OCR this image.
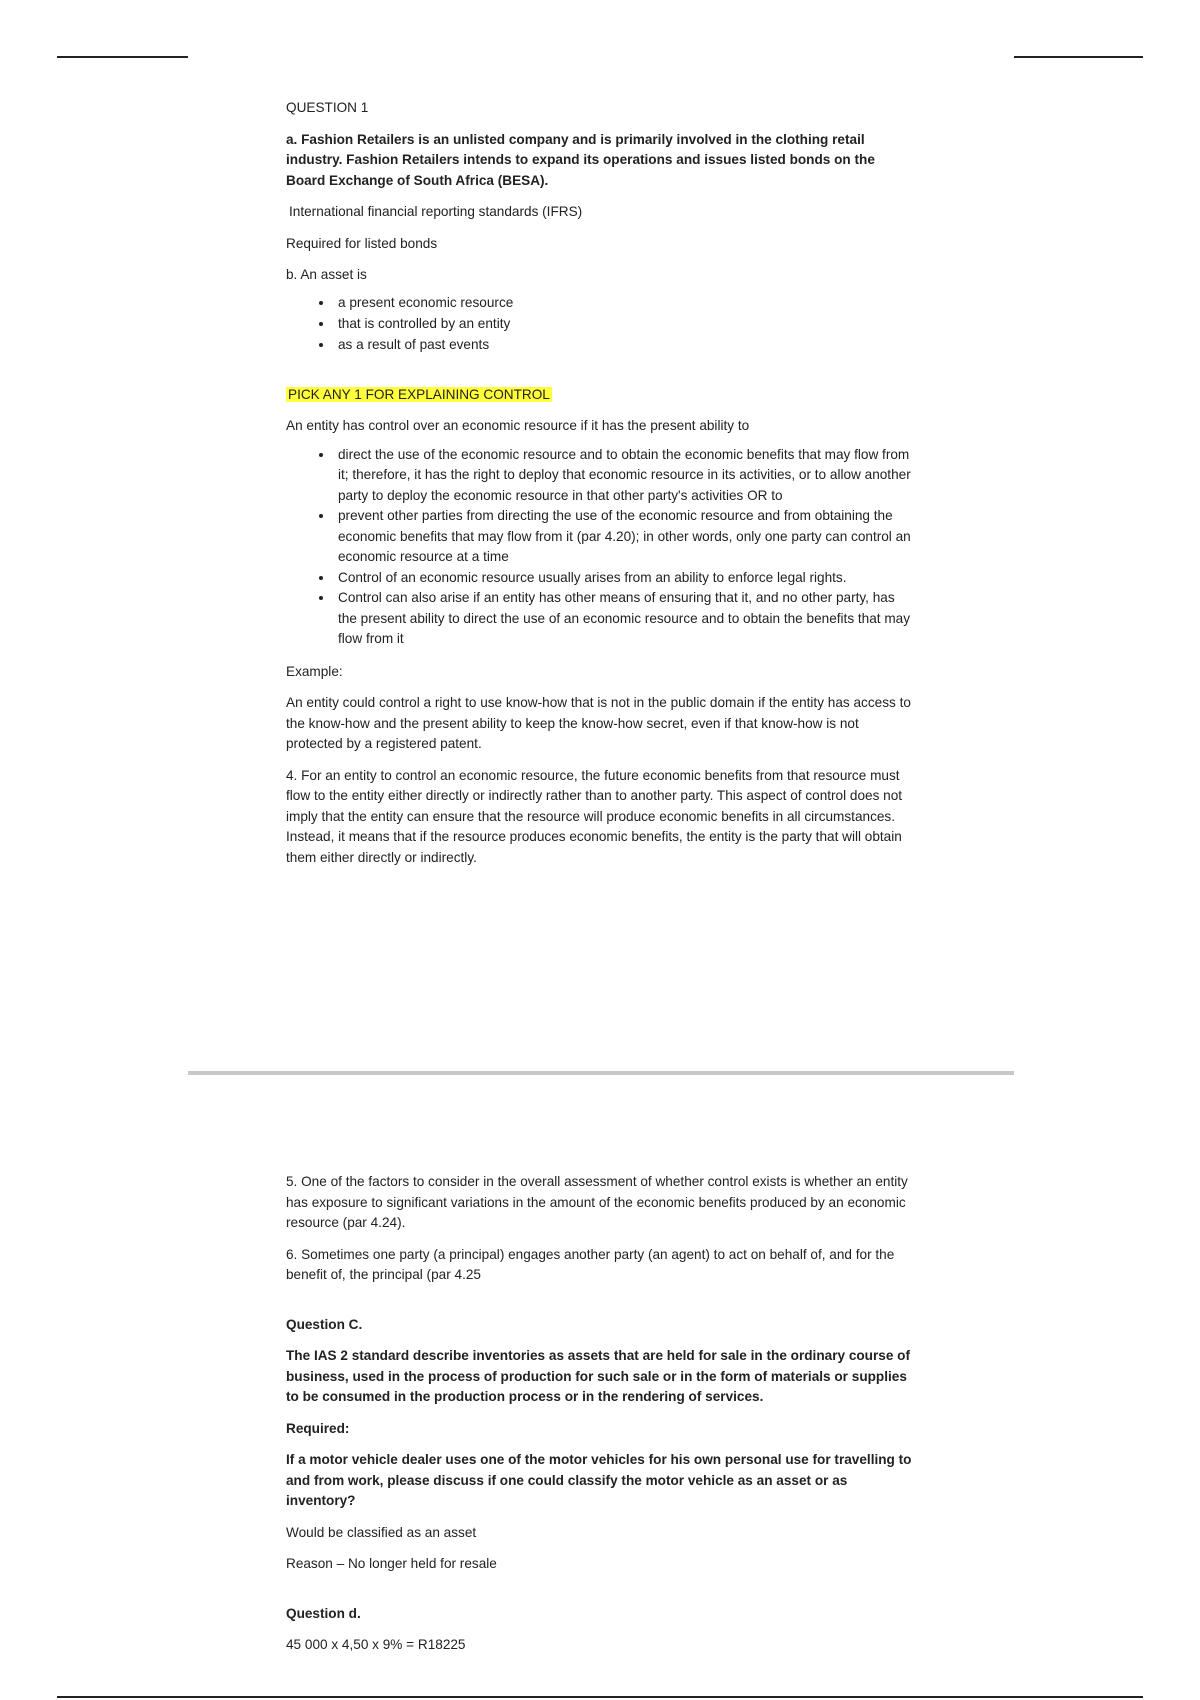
QUESTION 1

a. Fashion Retailers is an unlisted company and is primarily involved in the clothing retail industry. Fashion Retailers intends to expand its operations and issues listed bonds on the Board Exchange of South Africa (BESA).

International financial reporting standards (IFRS)

Required for listed bonds

b. An asset is

• a present economic resource
• that is controlled by an entity
• as a result of past events

PICK ANY 1 FOR EXPLAINING CONTROL

An entity has control over an economic resource if it has the present ability to

• direct the use of the economic resource and to obtain the economic benefits that may flow from it; therefore, it has the right to deploy that economic resource in its activities, or to allow another party to deploy the economic resource in that other party's activities OR to
• prevent other parties from directing the use of the economic resource and from obtaining the economic benefits that may flow from it (par 4.20); in other words, only one party can control an economic resource at a time
• Control of an economic resource usually arises from an ability to enforce legal rights.
• Control can also arise if an entity has other means of ensuring that it, and no other party, has the present ability to direct the use of an economic resource and to obtain the benefits that may flow from it

Example:

An entity could control a right to use know-how that is not in the public domain if the entity has access to the know-how and the present ability to keep the know-how secret, even if that know-how is not protected by a registered patent.

4. For an entity to control an economic resource, the future economic benefits from that resource must flow to the entity either directly or indirectly rather than to another party. This aspect of control does not imply that the entity can ensure that the resource will produce economic benefits in all circumstances. Instead, it means that if the resource produces economic benefits, the entity is the party that will obtain them either directly or indirectly.

5. One of the factors to consider in the overall assessment of whether control exists is whether an entity has exposure to significant variations in the amount of the economic benefits produced by an economic resource (par 4.24).

6. Sometimes one party (a principal) engages another party (an agent) to act on behalf of, and for the benefit of, the principal (par 4.25

Question C.

The IAS 2 standard describe inventories as assets that are held for sale in the ordinary course of business, used in the process of production for such sale or in the form of materials or supplies to be consumed in the production process or in the rendering of services.

Required:

If a motor vehicle dealer uses one of the motor vehicles for his own personal use for travelling to and from work, please discuss if one could classify the motor vehicle as an asset or as inventory?

Would be classified as an asset

Reason – No longer held for resale

Question d.

45 000 x 4,50 x 9% = R18225
